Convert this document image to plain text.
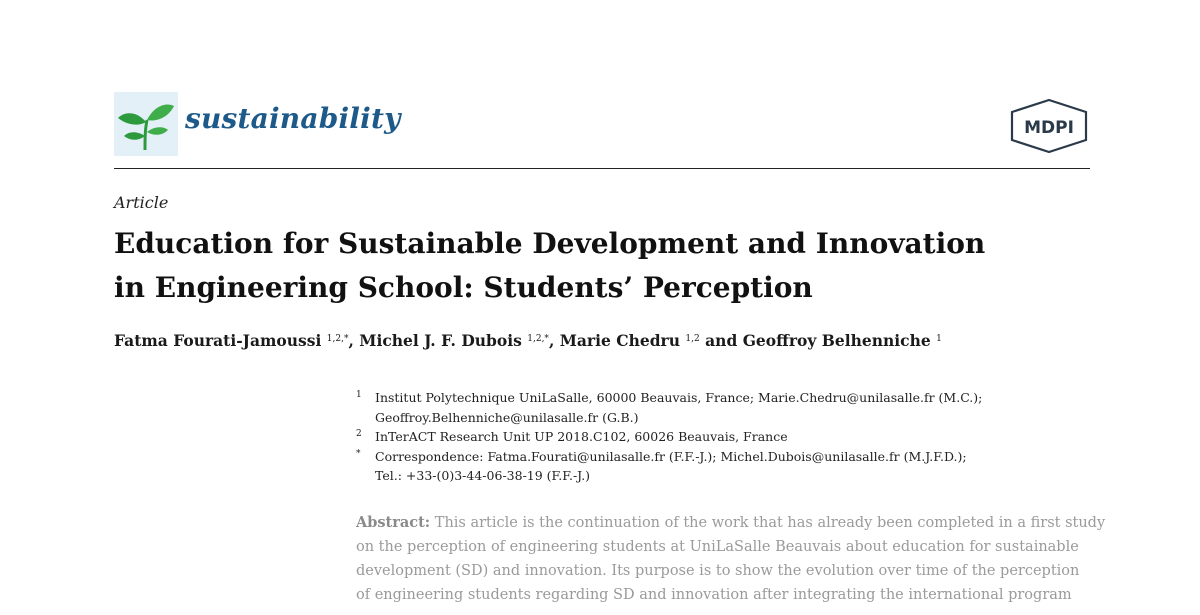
sustainability	MDPI
Article
Education for Sustainable Development and Innovation
in Engineering School: Students’ Perception
Fatma Fourati-Jamoussi $^{1,2,*}$, Michel J. F. Dubois $^{1,2,*}$, Marie Chedru $^{1,2}$ and Geoffroy Belhenniche $^1$
1 Institut Polytechnique UniLaSalle, 60000 Beauvais, France; Marie.Chedru@unilasalle.fr (M.C.);
Geoffroy.Belhenniche@unilasalle.fr (G.B.)
2 InTerACT Research Unit UP 2018.C102, 60026 Beauvais, France
* Correspondence: Fatma.Fourati@unilasalle.fr (F.F.-J.); Michel.Dubois@unilasalle.fr (M.J.F.D.);
Tel.: +33-(0)3-44-06-38-19 (F.F.-J.)

Abstract: This article is the continuation of the work that has already been completed in a first study
on the perception of engineering students at UniLaSalle Beauvais about education for sustainable
development (SD) and innovation. Its purpose is to show the evolution over time of the perception
of engineering students regarding SD and innovation after integrating the international program
